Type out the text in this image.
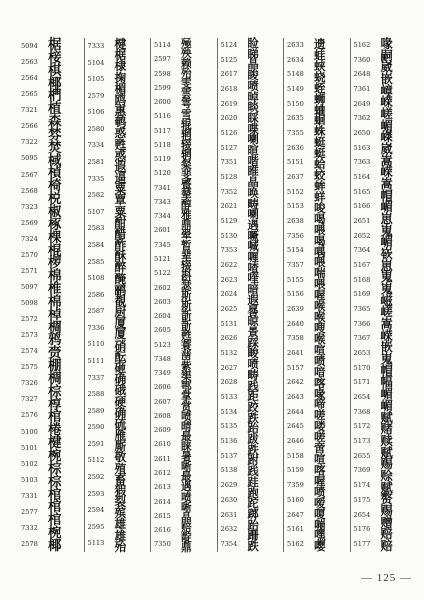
5094
2563
2564
2565
7321
2566
7322
5095
2567
2568
7323
2569
7324
2570
2571
5097
5098
2572
2573
2574
2575
7326
7327
2576
5100
5101
5102
5103
7331
2577
7332
2578
椐
椄
棋
椰
椚
植
森
棼
焚
棫
楨
椅
棁
椒
椓
棵
棍
椤
棉
椎
棉
棹
椆
鸦
赍
棚
椆
棕
椁
棺
棬
楗
椀
棕
棕
棺
棺
棺
椀
椰
7333
5104
5105
2579
5106
2580
7334
2581
7335
2582
5107
2583
2584
2585
5108
2586
2587
7336
5110
5111
7337
2588
2589
2590
2591
5112
2592
2593
2594
2595
5113
楗
椐
棣
掬
楣
鸥
惠
鹌
惑
甦
惑
遐
逼
粟
覃
粟
酣
醋
酢
酥
醉
醃
鹂
覩
厨
厦
厦
硝
酝
砸
确
硪
硬
确
硫
雁
厮
敬
殖
畜
猳
裂
殡
雄
雄
殆
5114
2597
2598
2599
2600
5116
5117
5118
5119
5120
7341
7343
7344
2601
7345
5121
5122
2602
2603
2604
2605
5123
7348
7349
2606
2607
2608
2609
2610
2611
2612
2613
2614
2615
2616
7350
殛
殃
赖
殆
雯
雲
雩
雪
辊
辋
辍
辋
粲
斐
蹙
辇
醇
雅
鼎
翚
暂
辈
辍
斟
瑟
斯
斯
斮
斮
甦
蓑
凿
紫
榘
鄂
掌
赏
喷
晴
最
睐
暑
晰
最
遇
喷
晰
晶
赔
靛
鼎
5124
5125
2617
2618
2619
2620
5126
5127
7351
5128
7352
2621
5129
5130
7353
2622
2623
2624
2625
5131
2626
5132
2627
2628
5133
5134
5135
5136
5137
5138
2629
2630
2631
2632
7354
睑
睇
晶
睃
喷
晫
睒
睬
喋
喇
暄
喈
睢
晶
唤
畴
喇
遇
噘
喊
喱
喳
喹
暗
遐
晷
晾
景
踩
畯
喷
畴
践
距
跤
跌
跆
跋
跌
跗
践
跬
跑
跎
踯
跆
跚
跌
2633
2634
5148
5149
5150
2635
7355
2636
5151
2637
5152
5153
2638
7356
5154
7357
5155
5156
2639
2640
7358
2641
5157
2642
2643
2644
2645
2646
5158
5159
7359
5160
2647
5161
5162
遗
蛙
蛱
蛲
蛭
蛳
蛐
蛔
蛛
蜓
蜓
蛤
蛟
蛑
蛘
唆
喝
喂
喝
喁
喂
喘
喂
喔
喉
喉
嗖
喉
喧
喷
喑
喀
喙
啼
嗟
喽
嗟
啻
喧
喀
喔
喷
嗳
嗄
嘣
嘿
嘤
5162
7360
2648
7361
2649
7362
2650
5163
7363
5164
5165
5166
2651
2652
7364
5167
5168
5169
7365
7366
7367
2653
5170
5171
2654
7368
5172
5173
2655
7369
5174
5175
2654
5176
5177
喙
嗣
崴
嵌
嶂
嵘
嵯
嵋
嵥
崴
嵩
嵘
嵩
帽
嵋
崽
嵬
嵋
嵚
崽
嵬
嵬
嵫
嵯
嵩
嵘
嵌
嵬
帽
幅
嵋
嵋
赋
赌
赎
赋
赐
赊
赋
赘
赐
赠
赔
赔
— 125 —
